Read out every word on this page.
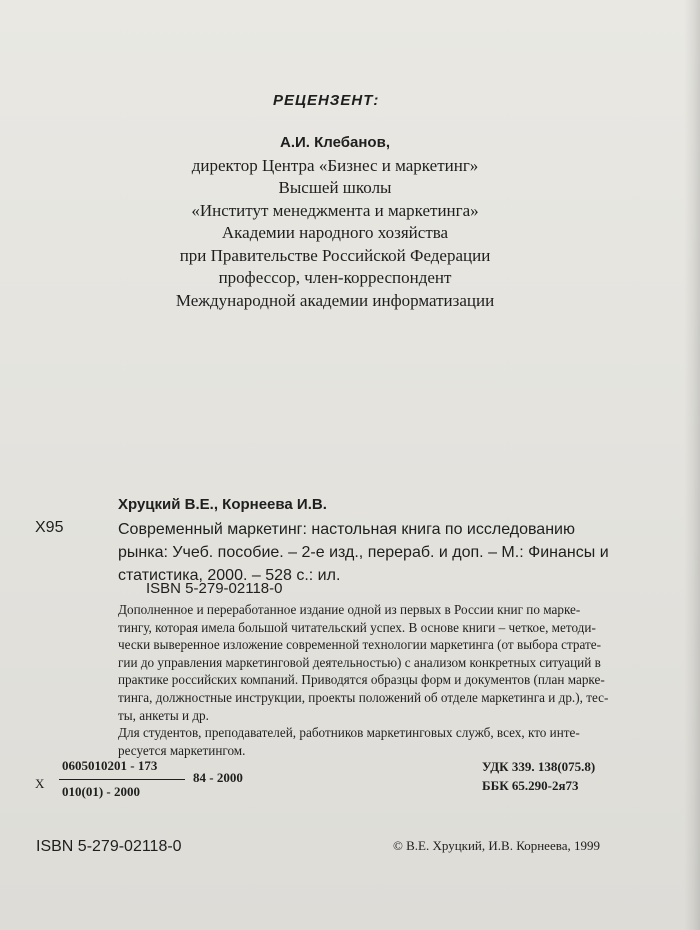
РЕЦЕНЗЕНТ:
А.И. Клебанов,
директор Центра «Бизнес и маркетинг»
Высшей школы
«Институт менеджмента и маркетинга»
Академии народного хозяйства
при Правительстве Российской Федерации
профессор, член-корреспондент
Международной академии информатизации
Хруцкий В.Е., Корнеева И.В.
Х95	Современный маркетинг: настольная книга по исследованию
рынка: Учеб. пособие. – 2-е изд., перераб. и доп. – М.: Финансы и
статистика, 2000. – 528 с.: ил.
ISBN 5-279-02118-0
Дополненное и переработанное издание одной из первых в России книг по марке-
тингу, которая имела большой читательский успех. В основе книги – четкое, методи-
чески выверенное изложение современной технологии маркетинга (от выбора страте-
гии до управления маркетинговой деятельностью) с анализом конкретных ситуаций в
практике российских компаний. Приводятся образцы форм и документов (план марке-
тинга, должностные инструкции, проекты положений об отделе маркетинга и др.), тес-
ты, анкеты и др.
Для студентов, преподавателей, работников маркетинговых служб, всех, кто инте-
ресуется маркетингом.
Х
0605010201 - 173
010(01) - 2000
84 - 2000
УДК 339. 138(075.8)
ББК 65.290-2я73
ISBN 5-279-02118-0	© В.Е. Хруцкий, И.В. Корнеева, 1999
